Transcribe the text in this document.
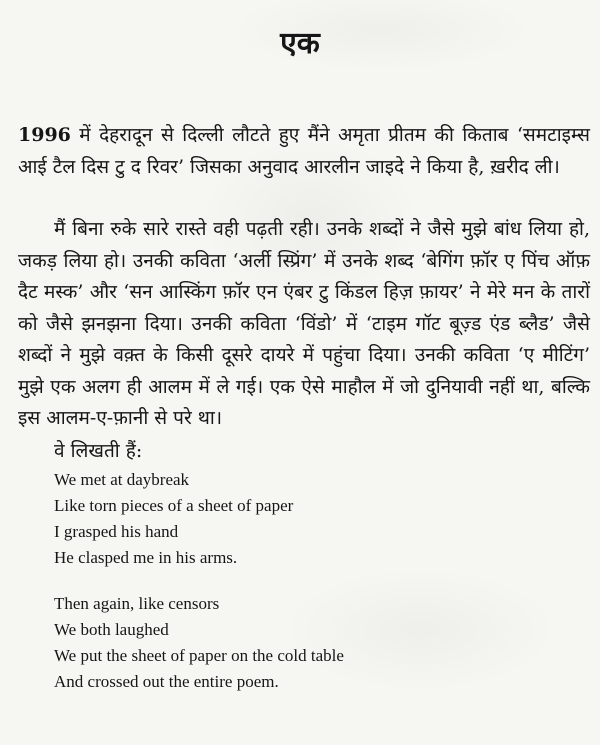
एक

1996 में देहरादून से दिल्ली लौटते हुए मैंने अमृता प्रीतम की किताब ‘समटाइम्स आई टैल दिस टु द रिवर’ जिसका अनुवाद आरलीन जाइदे ने किया है, ख़रीद ली।

मैं बिना रुके सारे रास्ते वही पढ़ती रही। उनके शब्दों ने जैसे मुझे बांध लिया हो, जकड़ लिया हो। उनकी कविता ‘अर्ली स्प्रिंग’ में उनके शब्द ‘बेगिंग फ़ॉर ए पिंच ऑफ़ दैट मस्क’ और ‘सन आस्किंग फ़ॉर एन एंबर टु किंडल हिज़ फ़ायर’ ने मेरे मन के तारों को जैसे झनझना दिया। उनकी कविता ‘विंडो’ में ‘टाइम गॉट बूज़्ड एंड ब्लैड’ जैसे शब्दों ने मुझे वक़्त के किसी दूसरे दायरे में पहुंचा दिया। उनकी कविता ‘ए मीटिंग’ मुझे एक अलग ही आलम में ले गई। एक ऐसे माहौल में जो दुनियावी नहीं था, बल्कि इस आलम-ए-फ़ानी से परे था।

वे लिखती हैं:

We met at daybreak
Like torn pieces of a sheet of paper
I grasped his hand
He clasped me in his arms.
Then again, like censors
We both laughed
We put the sheet of paper on the cold table
And crossed out the entire poem.
